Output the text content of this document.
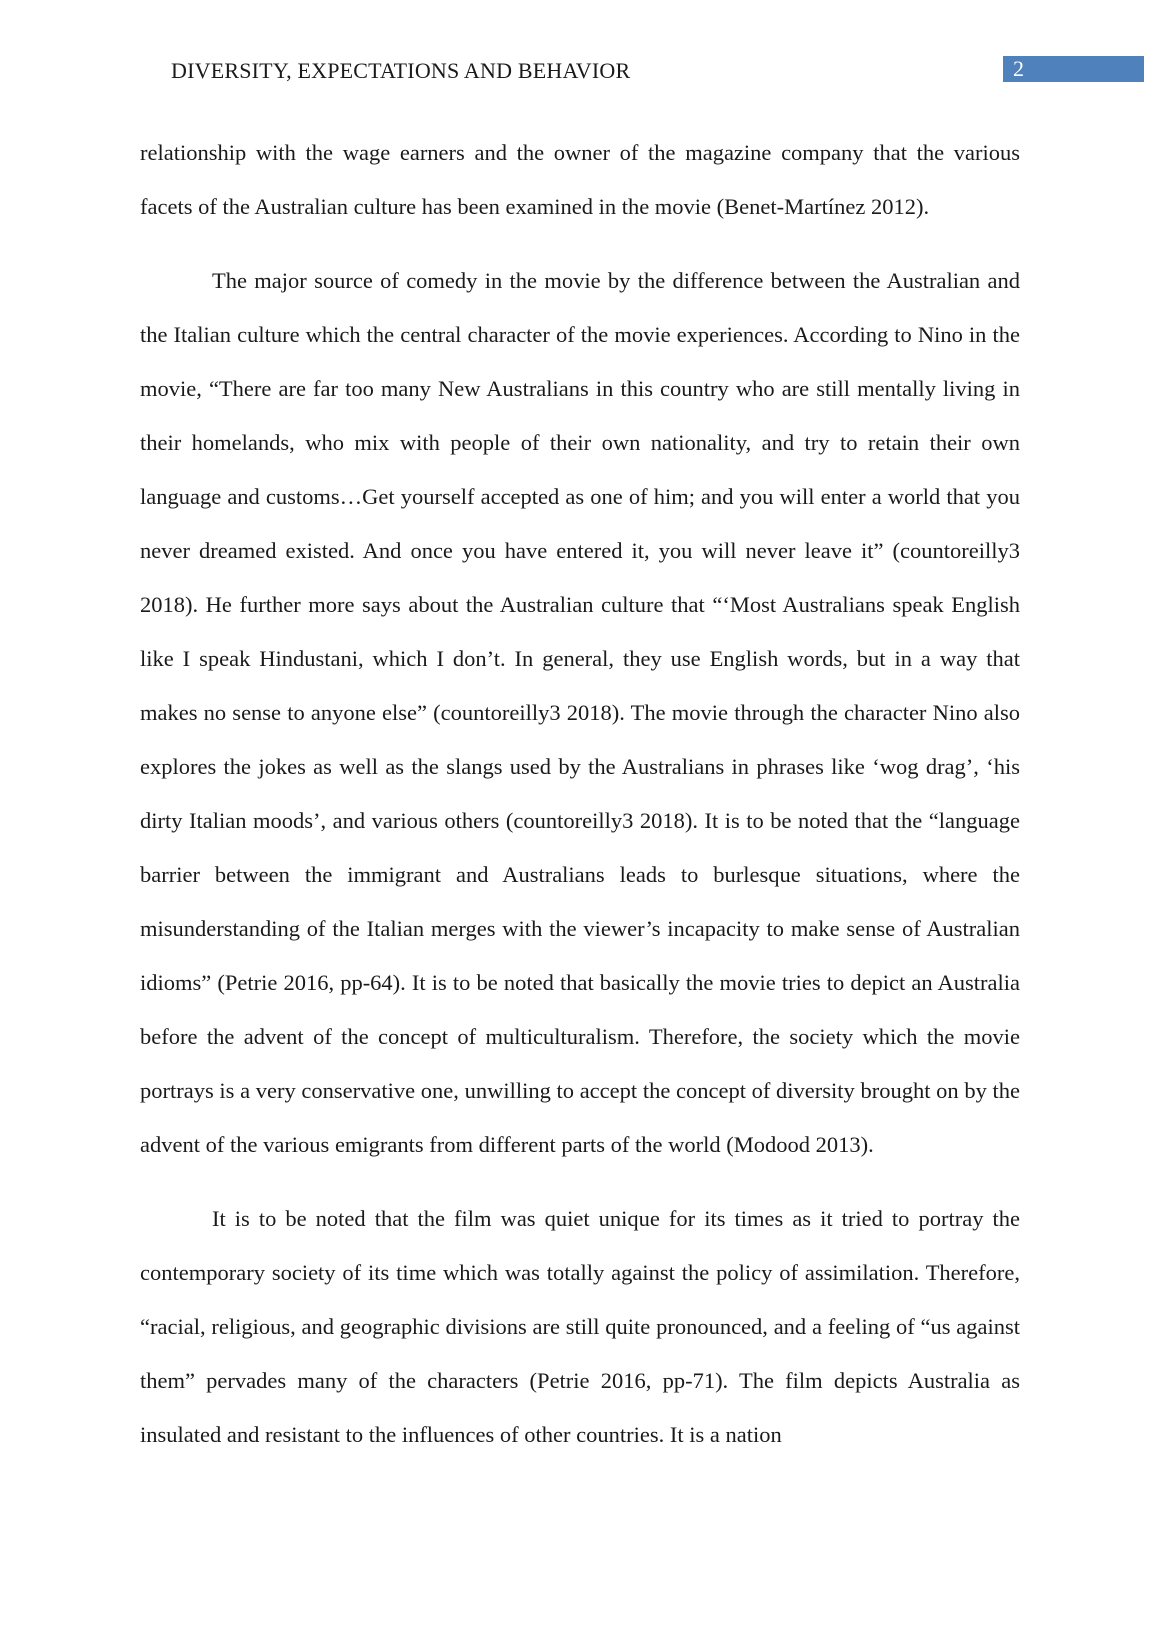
DIVERSITY, EXPECTATIONS AND BEHAVIOR	2

relationship with the wage earners and the owner of the magazine company that the various facets of the Australian culture has been examined in the movie (Benet-Martínez 2012).

The major source of comedy in the movie by the difference between the Australian and the Italian culture which the central character of the movie experiences. According to Nino in the movie, “There are far too many New Australians in this country who are still mentally living in their homelands, who mix with people of their own nationality, and try to retain their own language and customs…Get yourself accepted as one of him; and you will enter a world that you never dreamed existed. And once you have entered it, you will never leave it” (countoreilly3 2018). He further more says about the Australian culture that “‘Most Australians speak English like I speak Hindustani, which I don’t. In general, they use English words, but in a way that makes no sense to anyone else” (countoreilly3 2018). The movie through the character Nino also explores the jokes as well as the slangs used by the Australians in phrases like ‘wog drag’, ‘his dirty Italian moods’, and various others (countoreilly3 2018). It is to be noted that the “language barrier between the immigrant and Australians leads to burlesque situations, where the misunderstanding of the Italian merges with the viewer’s incapacity to make sense of Australian idioms” (Petrie 2016, pp-64). It is to be noted that basically the movie tries to depict an Australia before the advent of the concept of multiculturalism. Therefore, the society which the movie portrays is a very conservative one, unwilling to accept the concept of diversity brought on by the advent of the various emigrants from different parts of the world (Modood 2013).

It is to be noted that the film was quiet unique for its times as it tried to portray the contemporary society of its time which was totally against the policy of assimilation. Therefore, “racial, religious, and geographic divisions are still quite pronounced, and a feeling of “us against them” pervades many of the characters (Petrie 2016, pp-71). The film depicts Australia as insulated and resistant to the influences of other countries. It is a nation
